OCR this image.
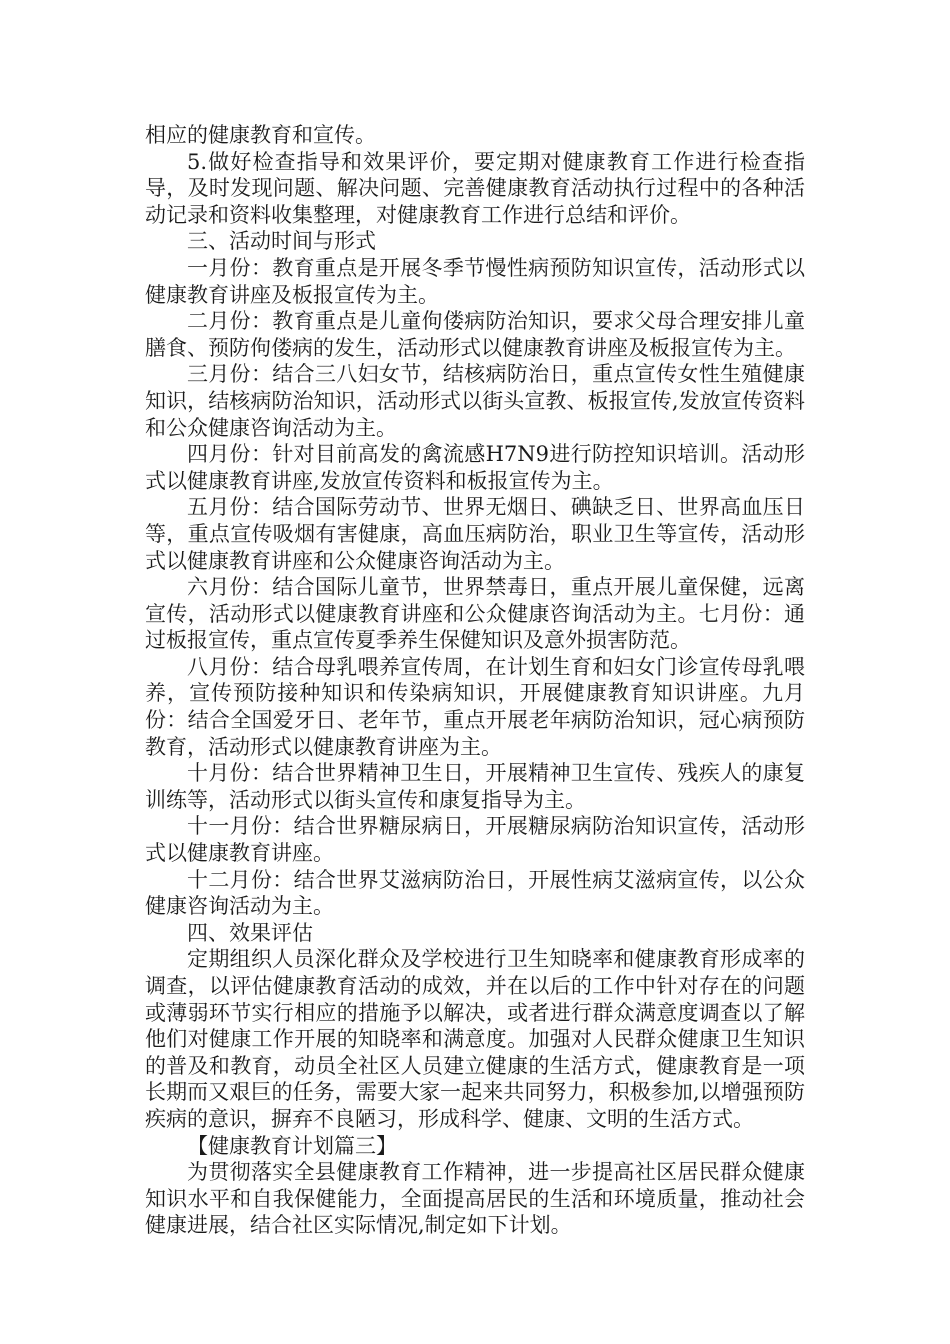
相应的健康教育和宣传。

5.做好检查指导和效果评价，要定期对健康教育工作进行检查指导，及时发现问题、解决问题、完善健康教育活动执行过程中的各种活动记录和资料收集整理，对健康教育工作进行总结和评价。

三、活动时间与形式

一月份：教育重点是开展冬季节慢性病预防知识宣传，活动形式以健康教育讲座及板报宣传为主。

二月份：教育重点是儿童佝偻病防治知识，要求父母合理安排儿童膳食、预防佝偻病的发生，活动形式以健康教育讲座及板报宣传为主。

三月份：结合三八妇女节，结核病防治日，重点宣传女性生殖健康知识，结核病防治知识，活动形式以街头宣教、板报宣传,发放宣传资料和公众健康咨询活动为主。

四月份：针对目前高发的禽流感H7N9进行防控知识培训。活动形式以健康教育讲座,发放宣传资料和板报宣传为主。

五月份：结合国际劳动节、世界无烟日、碘缺乏日、世界高血压日等，重点宣传吸烟有害健康，高血压病防治，职业卫生等宣传，活动形式以健康教育讲座和公众健康咨询活动为主。

六月份：结合国际儿童节，世界禁毒日，重点开展儿童保健，远离宣传，活动形式以健康教育讲座和公众健康咨询活动为主。七月份：通过板报宣传，重点宣传夏季养生保健知识及意外损害防范。

八月份：结合母乳喂养宣传周，在计划生育和妇女门诊宣传母乳喂养，宣传预防接种知识和传染病知识，开展健康教育知识讲座。九月份：结合全国爱牙日、老年节，重点开展老年病防治知识，冠心病预防教育，活动形式以健康教育讲座为主。

十月份：结合世界精神卫生日，开展精神卫生宣传、残疾人的康复训练等，活动形式以街头宣传和康复指导为主。

十一月份：结合世界糖尿病日，开展糖尿病防治知识宣传，活动形式以健康教育讲座。

十二月份：结合世界艾滋病防治日，开展性病艾滋病宣传，以公众健康咨询活动为主。

四、效果评估

定期组织人员深化群众及学校进行卫生知晓率和健康教育形成率的调查，以评估健康教育活动的成效，并在以后的工作中针对存在的问题或薄弱环节实行相应的措施予以解决，或者进行群众满意度调查以了解他们对健康工作开展的知晓率和满意度。加强对人民群众健康卫生知识的普及和教育，动员全社区人员建立健康的生活方式，健康教育是一项长期而又艰巨的任务，需要大家一起来共同努力，积极参加,以增强预防疾病的意识，摒弃不良陋习，形成科学、健康、文明的生活方式。

【健康教育计划篇三】

为贯彻落实全县健康教育工作精神，进一步提高社区居民群众健康知识水平和自我保健能力，全面提高居民的生活和环境质量，推动社会健康进展，结合社区实际情况,制定如下计划。
